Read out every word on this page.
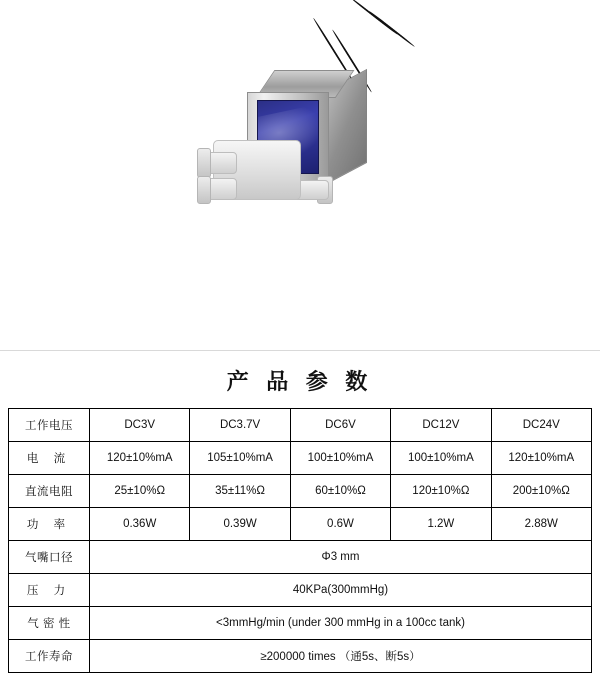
产 品 参 数
工作电压	DC3V	DC3.7V	DC6V	DC12V	DC24V
电 流	120±10%mA	105±10%mA	100±10%mA	100±10%mA	120±10%mA
直流电阻	25±10%Ω	35±11%Ω	60±10%Ω	120±10%Ω	200±10%Ω
功 率	0.36W	0.39W	0.6W	1.2W	2.88W
气嘴口径	Φ3 mm				
压 力	40KPa(300mmHg)				
气 密 性	<3mmHg/min (under 300 mmHg in a 100cc tank)				
工作寿命	≥200000 times （通5s、断5s）				
